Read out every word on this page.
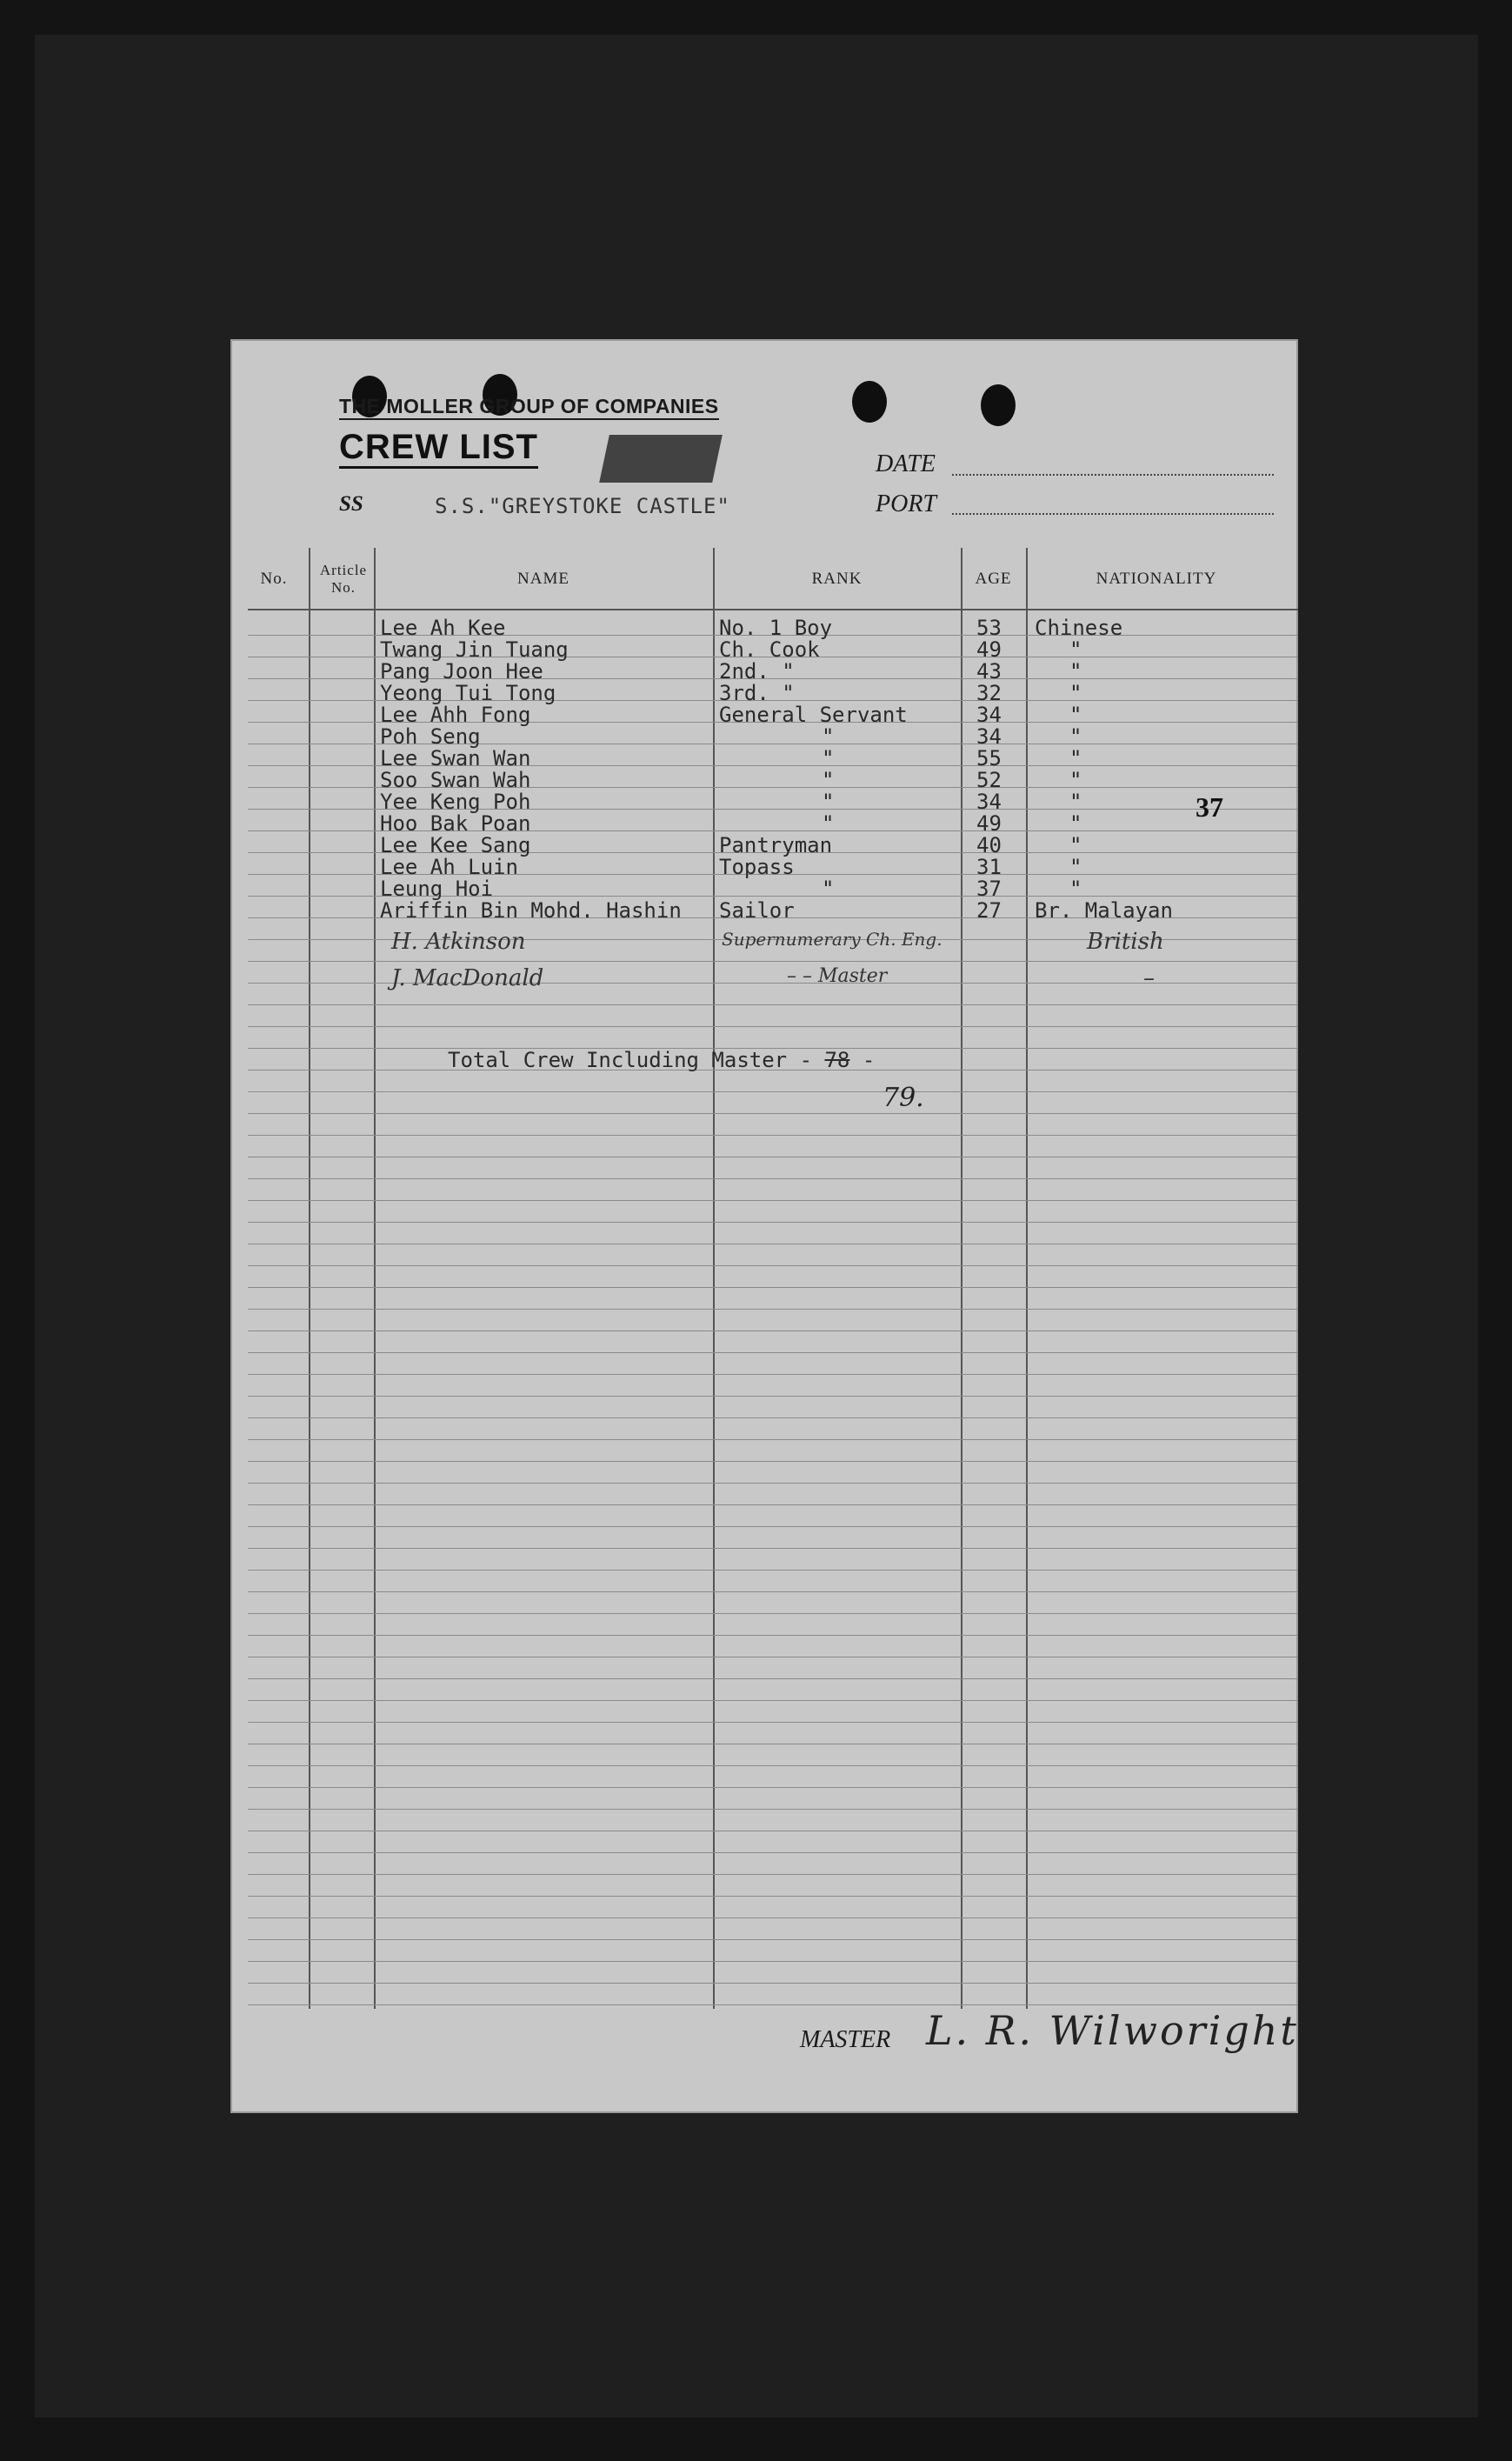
THE MOLLER GROUP OF COMPANIES
CREW LIST
SS	S.S."GREYSTOKE CASTLE"
DATE
PORT
No.	Article No.	NAME	RANK	AGE	NATIONALITY
Lee Ah Kee	No. 1 Boy	53 Chinese
Twang Jin Tuang	Ch. Cook	49	"
Pang Joon Hee	2nd. "	43	"
Yeong Tui Tong	3rd. "	32	"
Lee Ahh Fong	General Servant	34	"
Poh Seng	"	34	"
Lee Swan Wan	"	55	"
Soo Swan Wah	"	52	"
Yee Keng Poh	"	34	"
Hoo Bak Poan	"	49	"
Lee Kee Sang	Pantryman	40	"
Lee Ah Luin	Topass	31	"
Leung Hoi	"	37	"
Ariffin Bin Mohd. Hashin Sailor	27 Br. Malayan
H. Atkinson	Supernumerary Ch. Eng.	British
J. MacDonald	– – Master	–
37
Total Crew Including Master - 78 -
79.
MASTER L. R. Wilworight
